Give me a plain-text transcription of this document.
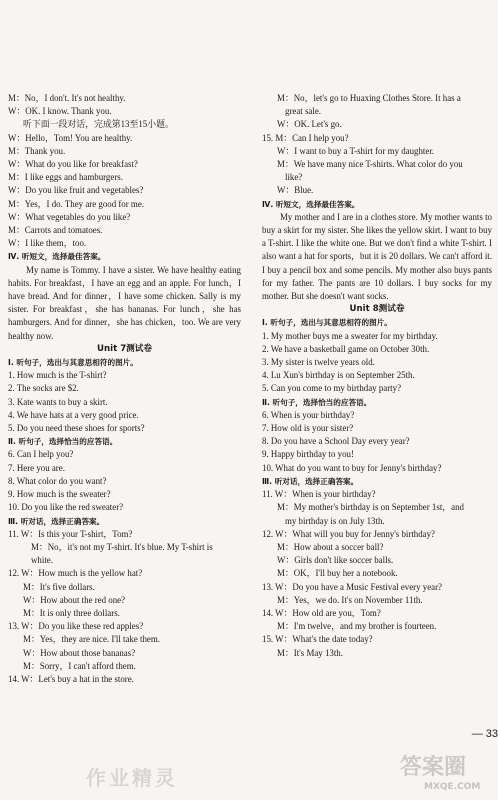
M：No，I don't. It's not healthy.
W：OK. I know. Thank you.
听下面一段对话，完成第13至15小题。
W：Hello，Tom! You are healthy.
M：Thank you.
W：What do you like for breakfast?
M：I like eggs and hamburgers.
W：Do you like fruit and vegetables?
M：Yes，I do. They are good for me.
W：What vegetables do you like?
M：Carrots and tomatoes.
W：I like them，too.
Ⅳ. 听短文，选择最佳答案。
My name is Tommy. I have a sister. We have healthy eating habits. For breakfast，I have an egg and an apple. For lunch，I have bread. And for dinner，I have some chicken. Sally is my sister. For breakfast，she has bananas. For lunch，she has hamburgers. And for dinner，she has chicken，too. We are very healthy now.
Unit 7测试卷
Ⅰ. 听句子，选出与其意思相符的图片。
1. How much is the T-shirt?
2. The socks are $2.
3. Kate wants to buy a skirt.
4. We have hats at a very good price.
5. Do you need these shoes for sports?
Ⅱ. 听句子，选择恰当的应答语。
6. Can I help you?
7. Here you are.
8. What color do you want?
9. How much is the sweater?
10. Do you like the red sweater?
Ⅲ. 听对话，选择正确答案。
11. W：Is this your T-shirt，Tom?
M：No，it's not my T-shirt. It's blue. My T-shirt is
white.
12. W：How much is the yellow hat?
M：It's five dollars.
W：How about the red one?
M：It is only three dollars.
13. W：Do you like these red apples?
M：Yes，they are nice. I'll take them.
W：How about those bananas?
M：Sorry，I can't afford them.
14. W：Let's buy a hat in the store.
M：No，let's go to Huaxing Clothes Store. It has a
great sale.
W：OK. Let's go.
15. M：Can I help you?
W：I want to buy a T-shirt for my daughter.
M：We have many nice T-shirts. What color do you
like?
W：Blue.
Ⅳ. 听短文，选择最佳答案。
My mother and I are in a clothes store. My mother wants to buy a skirt for my sister. She likes the yellow skirt. I want to buy a T-shirt. I like the white one. But we don't find a white T-shirt. I also want a hat for sports，but it is 20 dollars. We can't afford it. I buy a pencil box and some pencils. My mother also buys pants for my father. The pants are 10 dollars. I buy socks for my mother. But she doesn't want socks.
Unit 8测试卷
Ⅰ. 听句子，选出与其意思相符的图片。
1. My mother buys me a sweater for my birthday.
2. We have a basketball game on October 30th.
3. My sister is twelve years old.
4. Lu Xun's birthday is on September 25th.
5. Can you come to my birthday party?
Ⅱ. 听句子，选择恰当的应答语。
6. When is your birthday?
7. How old is your sister?
8. Do you have a School Day every year?
9. Happy birthday to you!
10. What do you want to buy for Jenny's birthday?
Ⅲ. 听对话，选择正确答案。
11. W：When is your birthday?
M：My mother's birthday is on September 1st，and
my birthday is on July 13th.
12. W：What will you buy for Jenny's birthday?
M：How about a soccer ball?
W：Girls don't like soccer balls.
M：OK，I'll buy her a notebook.
13. W：Do you have a Music Festival every year?
M：Yes，we do. It's on November 11th.
14. W：How old are you，Tom?
M：I'm twelve，and my brother is fourteen.
15. W：What's the date today?
M：It's May 13th.
— 33
作业精灵	答案圈
MXQE.COM
